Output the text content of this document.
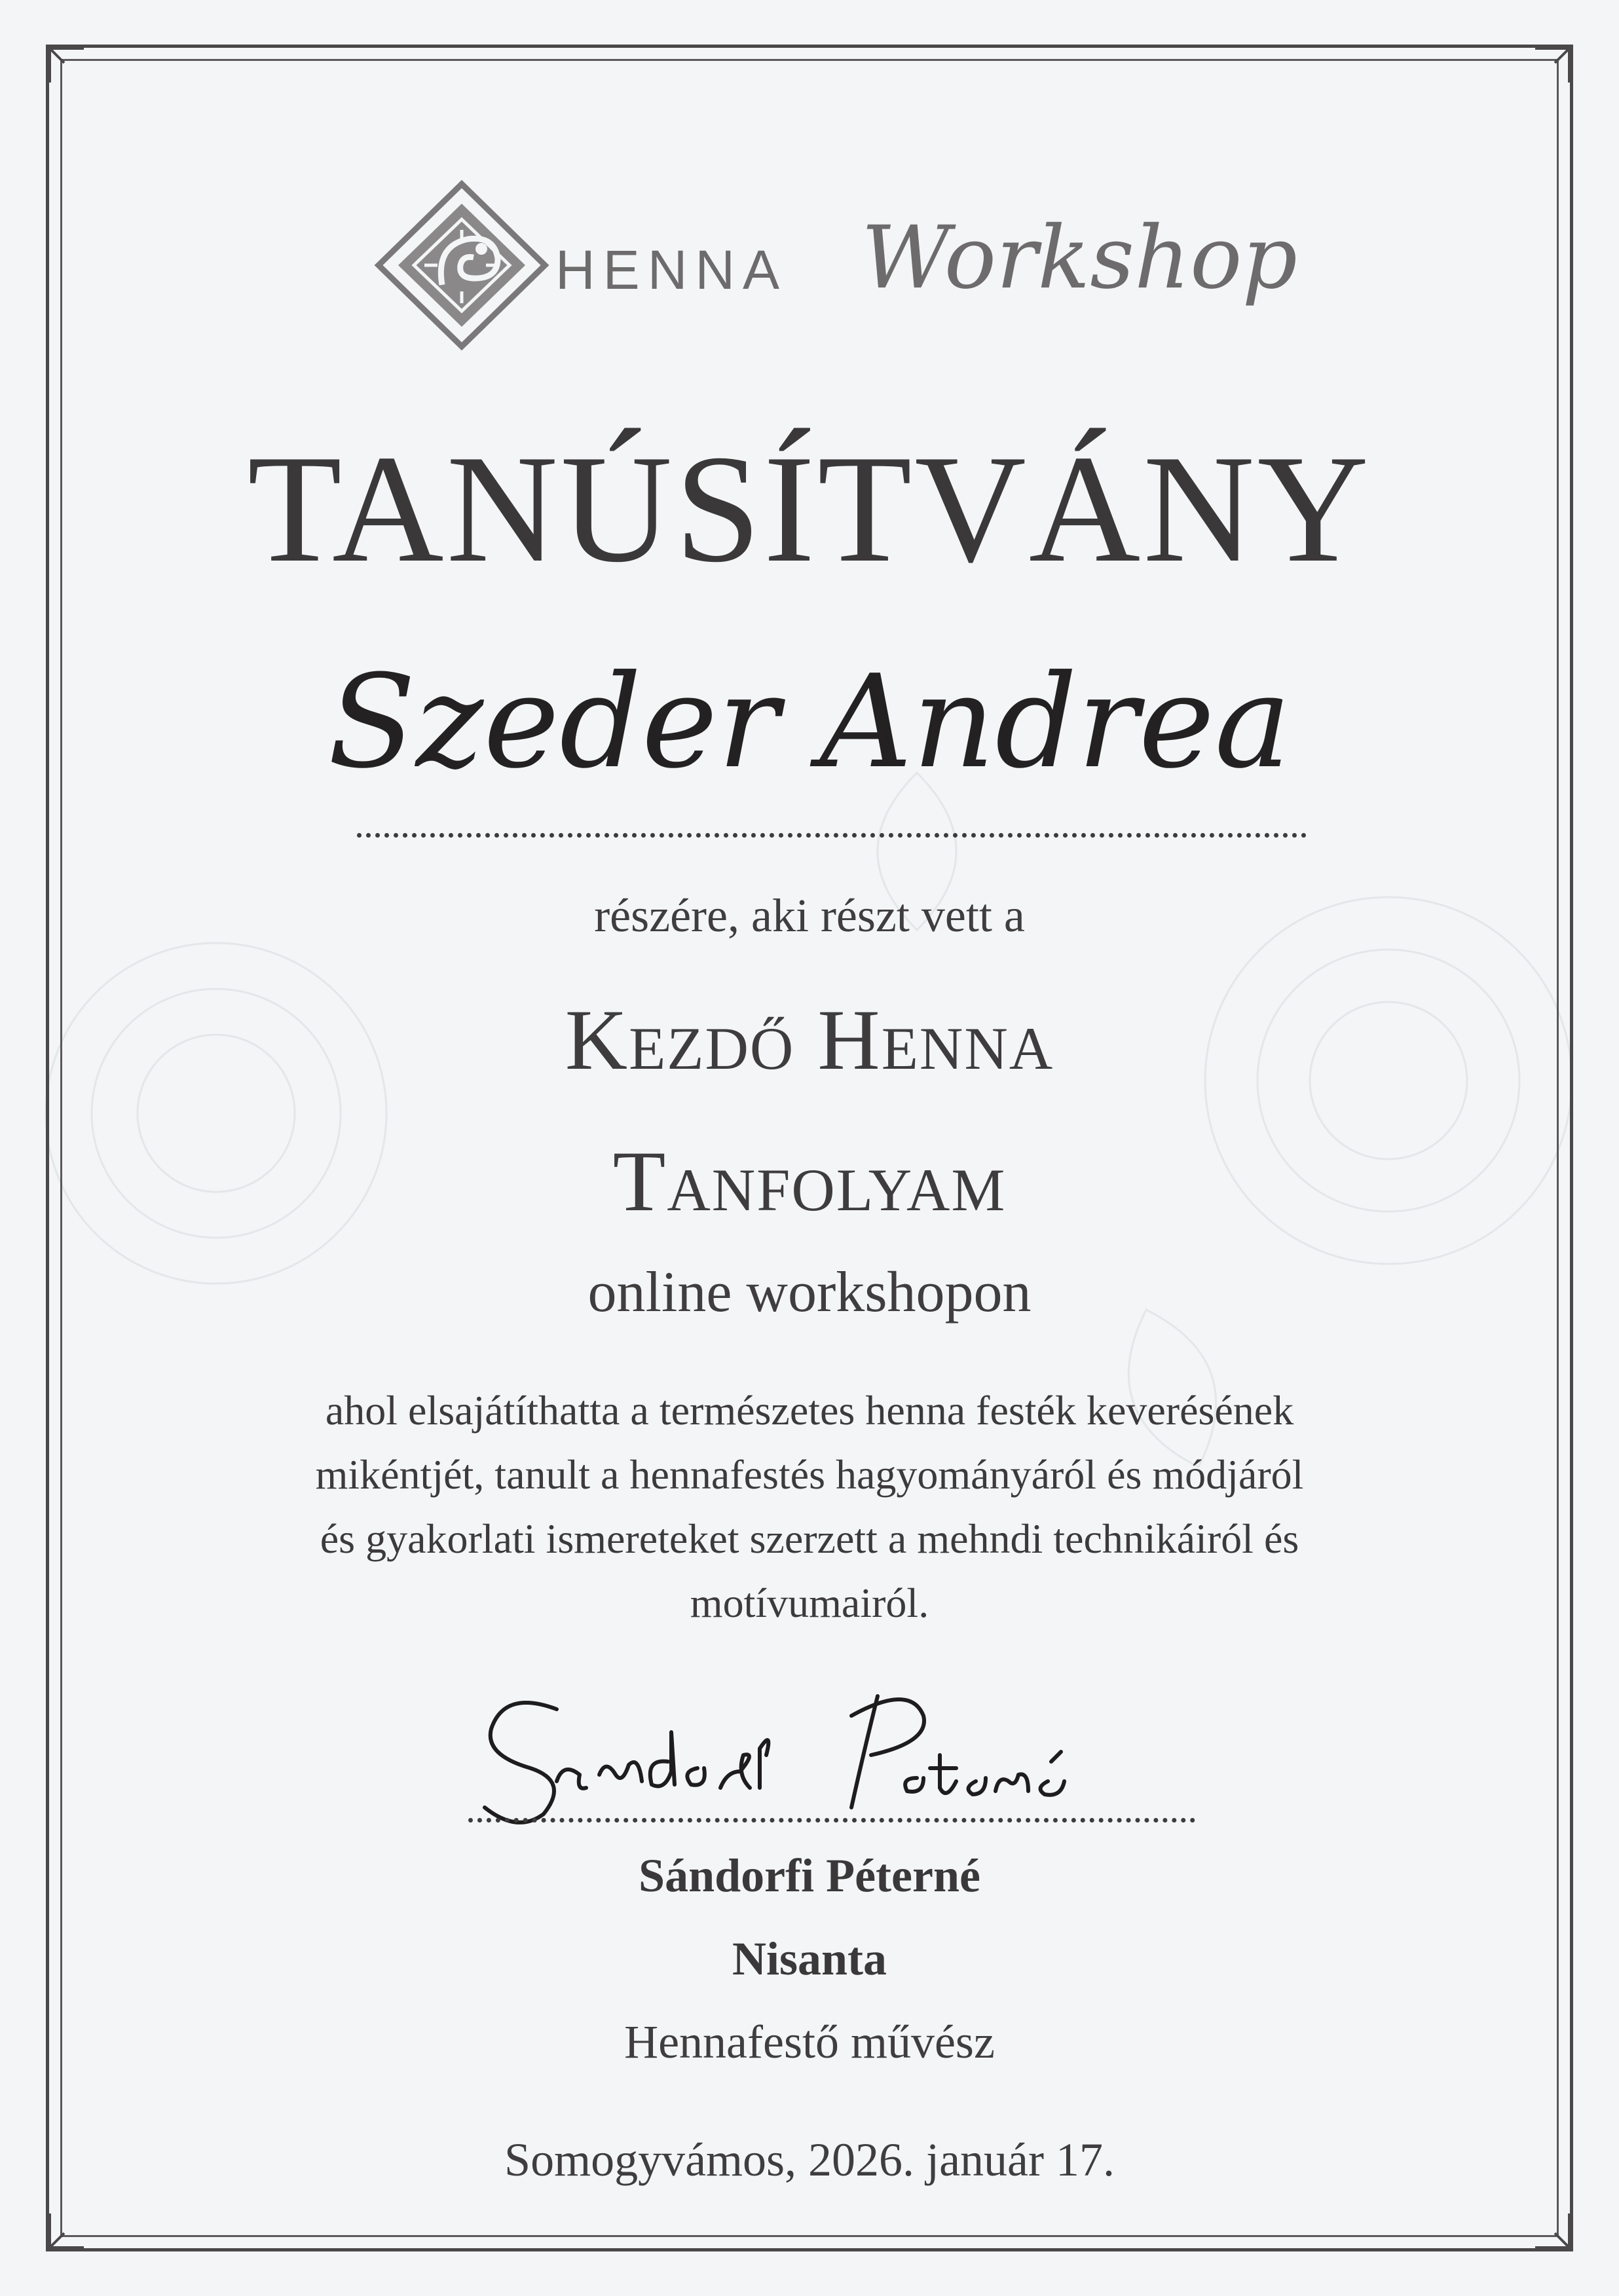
HENNA Workshop
TANÚSÍTVÁNY
Szeder Andrea
részére, aki részt vett a
Kezdő Henna
Tanfolyam
online workshopon
ahol elsajátíthatta a természetes henna festék keverésének
mikéntjét, tanult a hennafestés hagyományáról és módjáról
és gyakorlati ismereteket szerzett a mehndi technikáiról és
motívumairól.
Sándorfi Péterné
Nisanta
Hennafestő művész
Somogyvámos, 2026. január 17.
